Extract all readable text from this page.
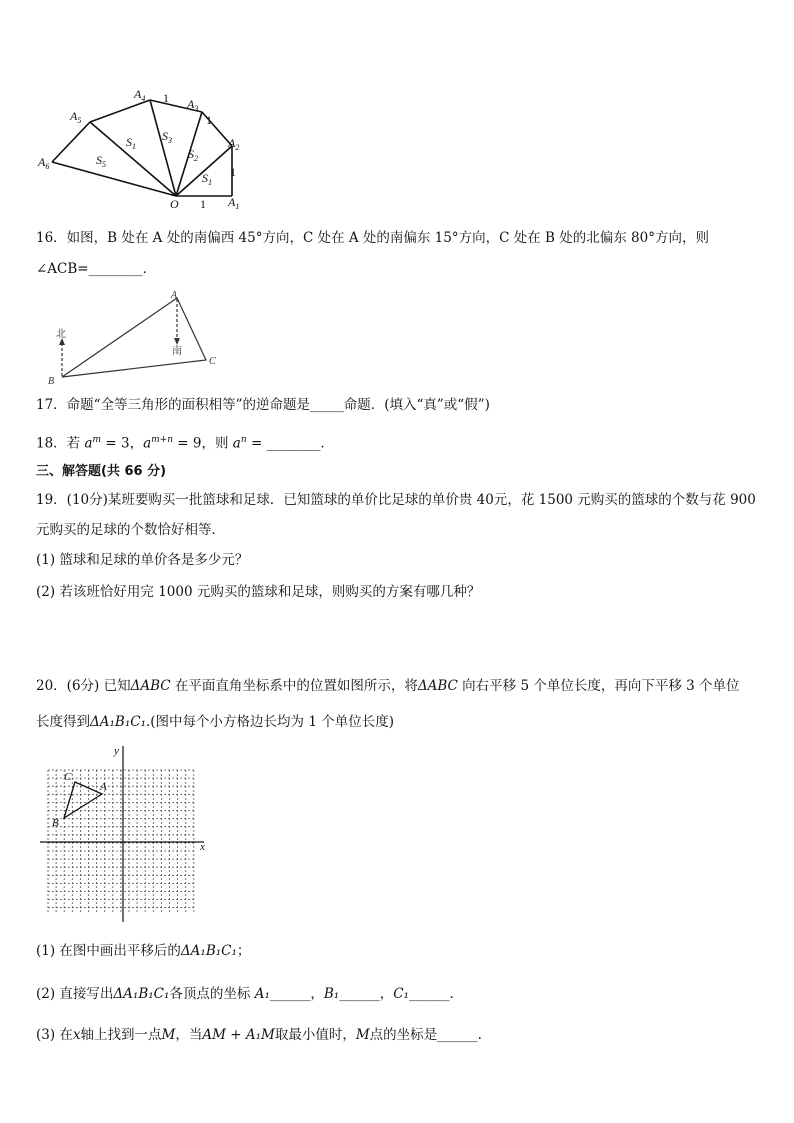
$A_4$	$A_3$
$A_5$
$A_2$
$A_6$
$A_1$
O
$S_1$
$S_3$
$S_2$
$S_1$
$S_5$
1
1
1
1
16．如图，B 处在 A 处的南偏西 45°方向，C 处在 A 处的南偏东 15°方向，C 处在 B 处的北偏东 80°方向，则
∠ACB=________．
北
南
A
B
C
17．命题“全等三角形的面积相等”的逆命题是_____命题．(填入“真”或“假”)
18．若 $a^m = 3$，$a^{m+n} = 9$，则 $a^n$ = ________．
三、解答题(共 66 分)
19．(10分)某班要购买一批篮球和足球．已知篮球的单价比足球的单价贵 40元，花 1500 元购买的篮球的个数与花 900
元购买的足球的个数恰好相等．
(1) 篮球和足球的单价各是多少元？
(2) 若该班恰好用完 1000 元购买的篮球和足球，则购买的方案有哪几种？
20．(6分) 已知ΔABC 在平面直角坐标系中的位置如图所示，将ΔABC 向右平移 5 个单位长度，再向下平移 3 个单位
长度得到ΔA₁B₁C₁.(图中每个小方格边长均为 1 个单位长度)
x
y
C
A
B
(1) 在图中画出平移后的ΔA₁B₁C₁；
(2) 直接写出ΔA₁B₁C₁各顶点的坐标 A₁______，B₁______，C₁______.
(3) 在x轴上找到一点M，当AM + A₁M取最小值时，M点的坐标是______.
